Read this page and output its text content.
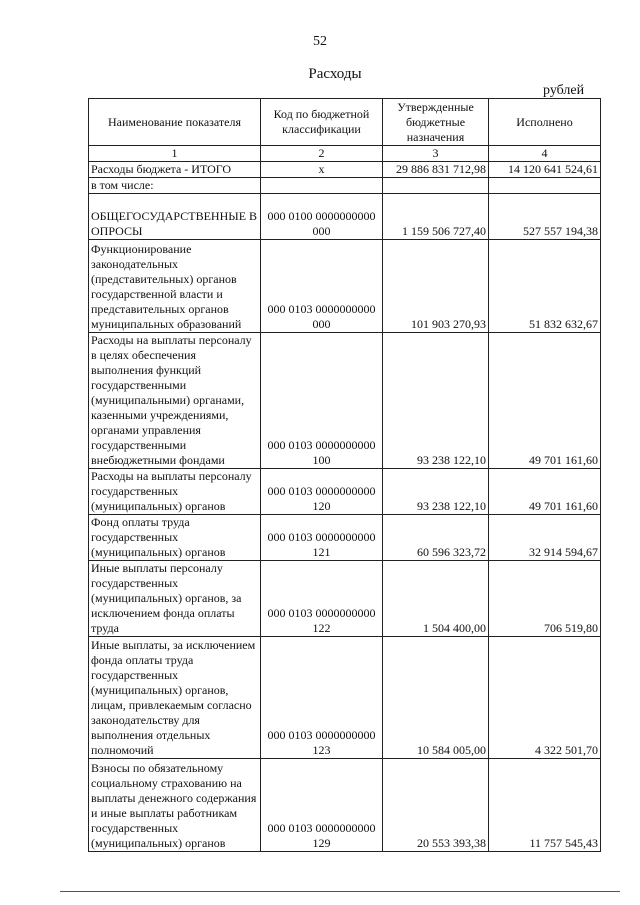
52
Расходы
рублей
Наименование показателя	Код по бюджетной классификации	Утвержденные бюджетные назначения	Исполнено
1	2	3	4
Расходы бюджета - ИТОГО	x	29 886 831 712,98	14 120 641 524,61
в том числе:			
ОБЩЕГОСУДАРСТВЕННЫЕ ВОПРОСЫ	000 0100 0000000000 000	1 159 506 727,40	527 557 194,38
Функционирование законодательных (представительных) органов государственной власти и представительных органов муниципальных образований	000 0103 0000000000 000	101 903 270,93	51 832 632,67
Расходы на выплаты персоналу в целях обеспечения выполнения функций государственными (муниципальными) органами, казенными учреждениями, органами управления государственными внебюджетными фондами	000 0103 0000000000 100	93 238 122,10	49 701 161,60
Расходы на выплаты персоналу государственных (муниципальных) органов	000 0103 0000000000 120	93 238 122,10	49 701 161,60
Фонд оплаты труда государственных (муниципальных) органов	000 0103 0000000000 121	60 596 323,72	32 914 594,67
Иные выплаты персоналу государственных (муниципальных) органов, за исключением фонда оплаты труда	000 0103 0000000000 122	1 504 400,00	706 519,80
Иные выплаты, за исключением фонда оплаты труда государственных (муниципальных) органов, лицам, привлекаемым согласно законодательству для выполнения отдельных полномочий	000 0103 0000000000 123	10 584 005,00	4 322 501,70
Взносы по обязательному социальному страхованию на выплаты денежного содержания и иные выплаты работникам государственных (муниципальных) органов	000 0103 0000000000 129	20 553 393,38	11 757 545,43
